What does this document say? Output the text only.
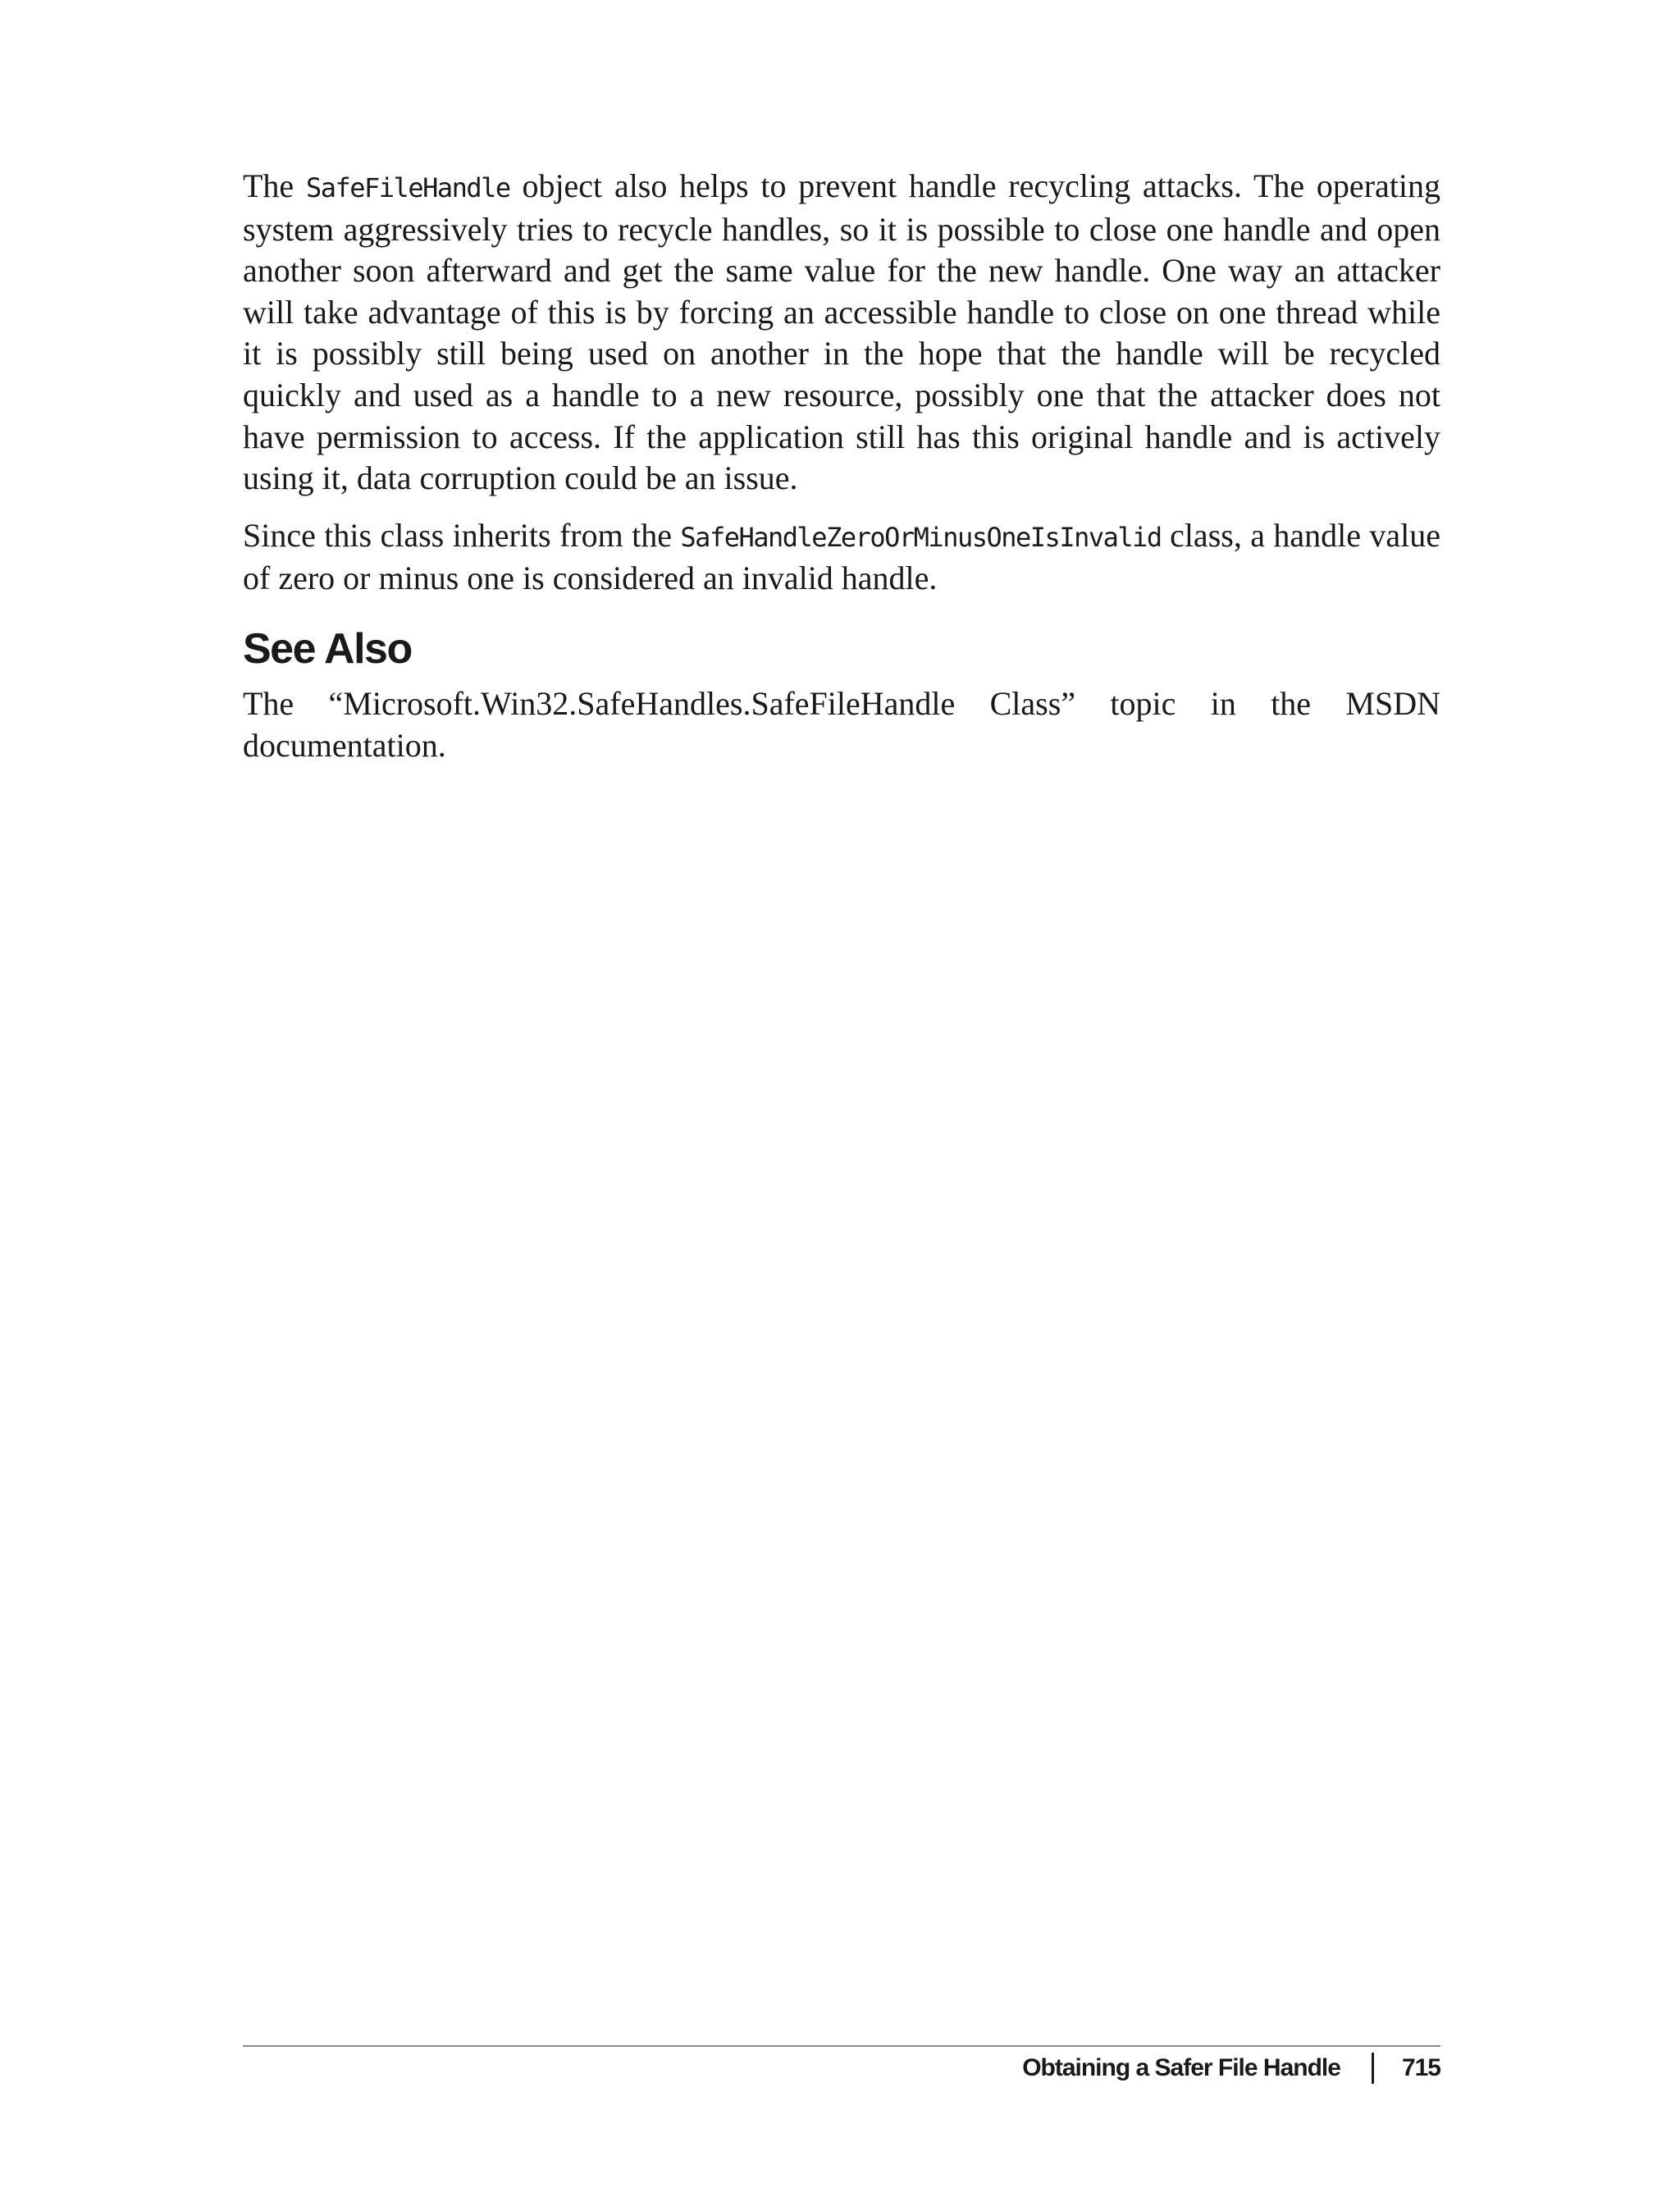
The SafeFileHandle object also helps to prevent handle recycling attacks. The operating system aggressively tries to recycle handles, so it is possible to close one handle and open another soon afterward and get the same value for the new handle. One way an attacker will take advantage of this is by forcing an accessible handle to close on one thread while it is possibly still being used on another in the hope that the handle will be recycled quickly and used as a handle to a new resource, possibly one that the attacker does not have permission to access. If the application still has this original handle and is actively using it, data corruption could be an issue.

Since this class inherits from the SafeHandleZeroOrMinusOneIsInvalid class, a handle value of zero or minus one is considered an invalid handle.

See Also

The “Microsoft.Win32.SafeHandles.SafeFileHandle Class” topic in the MSDN documentation.

Obtaining a Safer File Handle	715
